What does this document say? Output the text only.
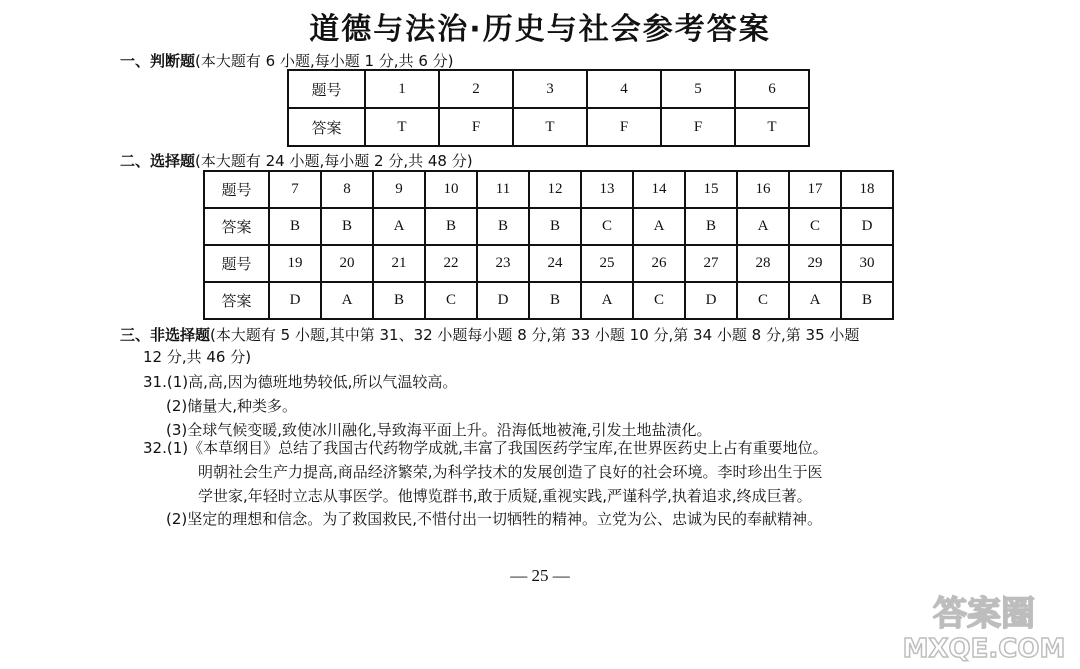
道德与法治·历史与社会参考答案
一、判断题(本大题有 6 小题,每小题 1 分,共 6 分)
题号	1	2	3	4	5	6
答案	T	F	T	F	F	T
二、选择题(本大题有 24 小题,每小题 2 分,共 48 分)
题号	7	8	9	10	11	12	13	14	15	16	17	18
答案	B	B	A	B	B	B	C	A	B	A	C	D
题号	19	20	21	22	23	24	25	26	27	28	29	30
答案	D	A	B	C	D	B	A	C	D	C	A	B
三、非选择题(本大题有 5 小题,其中第 31、32 小题每小题 8 分,第 33 小题 10 分,第 34 小题 8 分,第 35 小题
12 分,共 46 分)
31.(1)高,高,因为德班地势较低,所以气温较高。
(2)储量大,种类多。
(3)全球气候变暖,致使冰川融化,导致海平面上升。沿海低地被淹,引发土地盐渍化。
32.(1)《本草纲目》总结了我国古代药物学成就,丰富了我国医药学宝库,在世界医药史上占有重要地位。
明朝社会生产力提高,商品经济繁荣,为科学技术的发展创造了良好的社会环境。李时珍出生于医
学世家,年轻时立志从事医学。他博览群书,敢于质疑,重视实践,严谨科学,执着追求,终成巨著。
(2)坚定的理想和信念。为了救国救民,不惜付出一切牺牲的精神。立党为公、忠诚为民的奉献精神。
— 25 —
答案圈
MXQE.COM
